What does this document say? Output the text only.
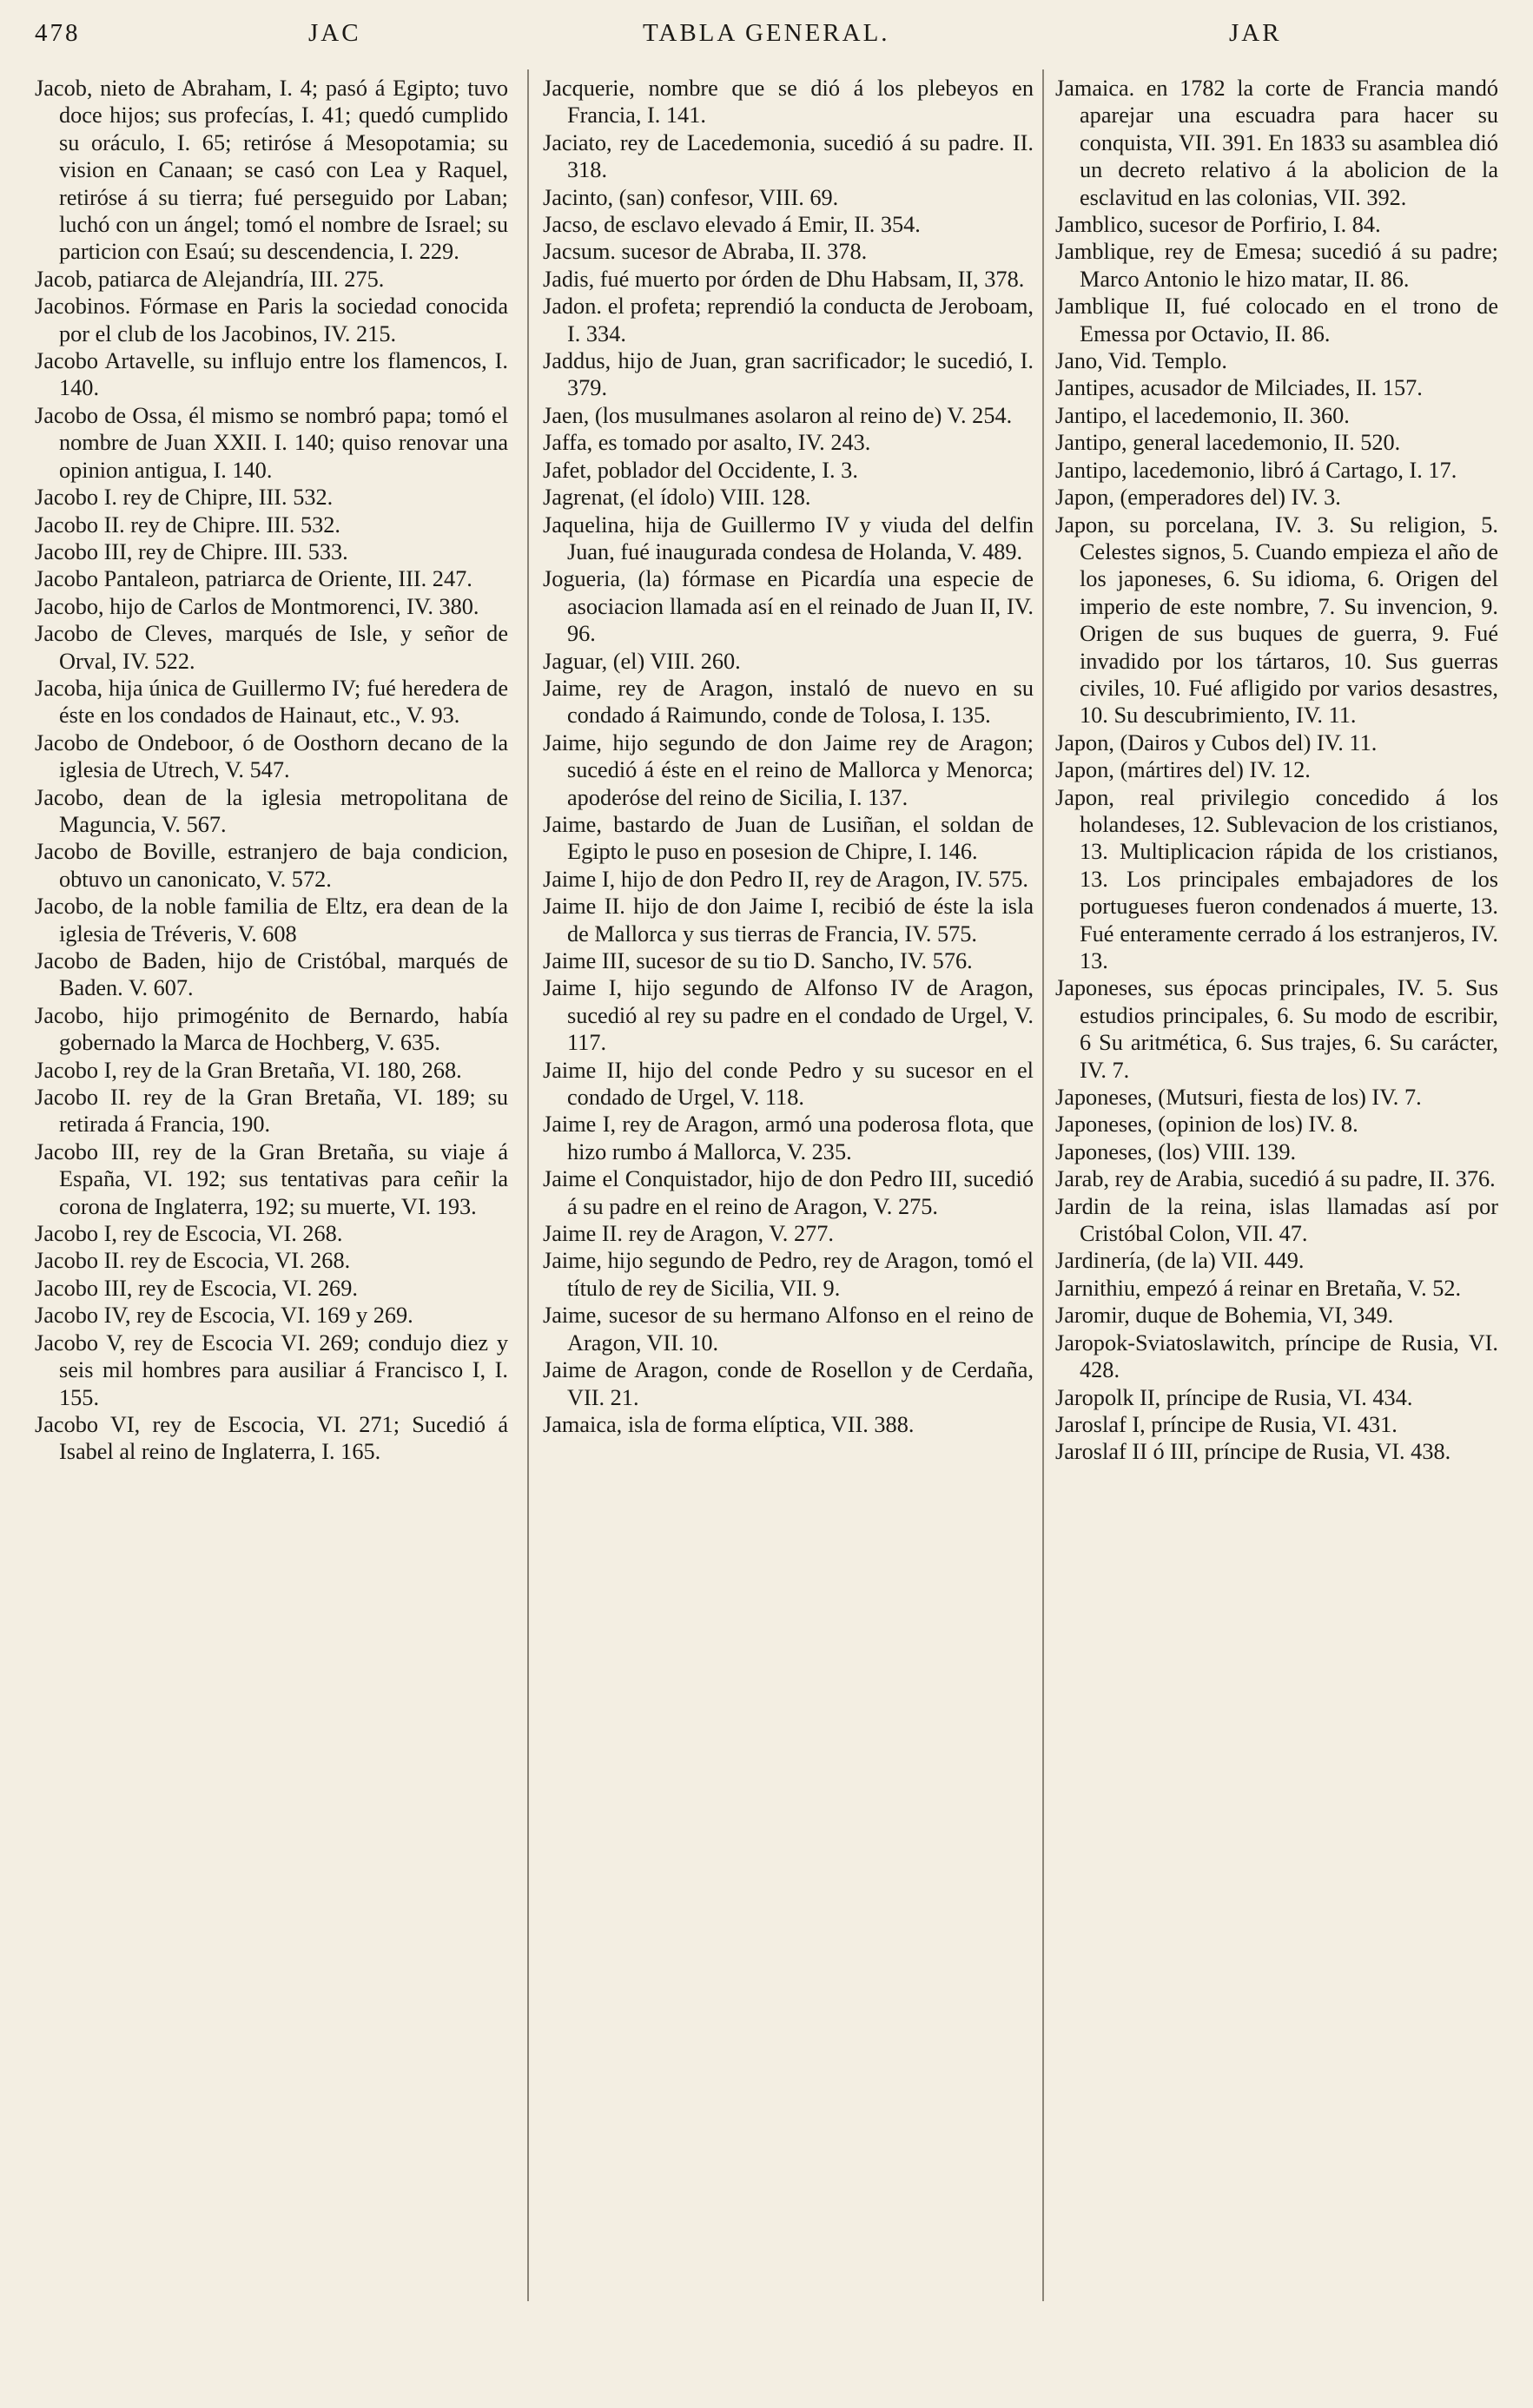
478	JAC	TABLA GENERAL.	JAR

Jacob, nieto de Abraham, I. 4; pasó á Egipto; tuvo doce hijos; sus profecías, I. 41; quedó cumplido su oráculo, I. 65; retiróse á Mesopotamia; su vision en Canaan; se casó con Lea y Raquel, retiróse á su tierra; fué perseguido por Laban; luchó con un ángel; tomó el nombre de Israel; su particion con Esaú; su descendencia, I. 229.

Jacob, patiarca de Alejandría, III. 275.

Jacobinos. Fórmase en Paris la sociedad conocida por el club de los Jacobinos, IV. 215.

Jacobo Artavelle, su influjo entre los flamencos, I. 140.

Jacobo de Ossa, él mismo se nombró papa; tomó el nombre de Juan XXII. I. 140; quiso renovar una opinion antigua, I. 140.

Jacobo I. rey de Chipre, III. 532.

Jacobo II. rey de Chipre. III. 532.

Jacobo III, rey de Chipre. III. 533.

Jacobo Pantaleon, patriarca de Oriente, III. 247.

Jacobo, hijo de Carlos de Montmorenci, IV. 380.

Jacobo de Cleves, marqués de Isle, y señor de Orval, IV. 522.

Jacoba, hija única de Guillermo IV; fué heredera de éste en los condados de Hainaut, etc., V. 93.

Jacobo de Ondeboor, ó de Oosthorn decano de la iglesia de Utrech, V. 547.

Jacobo, dean de la iglesia metropolitana de Maguncia, V. 567.

Jacobo de Boville, estranjero de baja condicion, obtuvo un canonicato, V. 572.

Jacobo, de la noble familia de Eltz, era dean de la iglesia de Tréveris, V. 608

Jacobo de Baden, hijo de Cristóbal, marqués de Baden. V. 607.

Jacobo, hijo primogénito de Bernardo, había gobernado la Marca de Hochberg, V. 635.

Jacobo I, rey de la Gran Bretaña, VI. 180, 268.

Jacobo II. rey de la Gran Bretaña, VI. 189; su retirada á Francia, 190.

Jacobo III, rey de la Gran Bretaña, su viaje á España, VI. 192; sus tentativas para ceñir la corona de Inglaterra, 192; su muerte, VI. 193.

Jacobo I, rey de Escocia, VI. 268.

Jacobo II. rey de Escocia, VI. 268.

Jacobo III, rey de Escocia, VI. 269.

Jacobo IV, rey de Escocia, VI. 169 y 269.

Jacobo V, rey de Escocia VI. 269; condujo diez y seis mil hombres para ausiliar á Francisco I, I. 155.

Jacobo VI, rey de Escocia, VI. 271; Sucedió á Isabel al reino de Inglaterra, I. 165.

Jacquerie, nombre que se dió á los plebeyos en Francia, I. 141.

Jaciato, rey de Lacedemonia, sucedió á su padre. II. 318.

Jacinto, (san) confesor, VIII. 69.

Jacso, de esclavo elevado á Emir, II. 354.

Jacsum. sucesor de Abraba, II. 378.

Jadis, fué muerto por órden de Dhu Habsam, II, 378.

Jadon. el profeta; reprendió la conducta de Jeroboam, I. 334.

Jaddus, hijo de Juan, gran sacrificador; le sucedió, I. 379.

Jaen, (los musulmanes asolaron al reino de) V. 254.

Jaffa, es tomado por asalto, IV. 243.

Jafet, poblador del Occidente, I. 3.

Jagrenat, (el ídolo) VIII. 128.

Jaquelina, hija de Guillermo IV y viuda del delfin Juan, fué inaugurada condesa de Holanda, V. 489.

Jogueria, (la) fórmase en Picardía una especie de asociacion llamada así en el reinado de Juan II, IV. 96.

Jaguar, (el) VIII. 260.

Jaime, rey de Aragon, instaló de nuevo en su condado á Raimundo, conde de Tolosa, I. 135.

Jaime, hijo segundo de don Jaime rey de Aragon; sucedió á éste en el reino de Mallorca y Menorca; apoderóse del reino de Sicilia, I. 137.

Jaime, bastardo de Juan de Lusiñan, el soldan de Egipto le puso en posesion de Chipre, I. 146.

Jaime I, hijo de don Pedro II, rey de Aragon, IV. 575.

Jaime II. hijo de don Jaime I, recibió de éste la isla de Mallorca y sus tierras de Francia, IV. 575.

Jaime III, sucesor de su tio D. Sancho, IV. 576.

Jaime I, hijo segundo de Alfonso IV de Aragon, sucedió al rey su padre en el condado de Urgel, V. 117.

Jaime II, hijo del conde Pedro y su sucesor en el condado de Urgel, V. 118.

Jaime I, rey de Aragon, armó una poderosa flota, que hizo rumbo á Mallorca, V. 235.

Jaime el Conquistador, hijo de don Pedro III, sucedió á su padre en el reino de Aragon, V. 275.

Jaime II. rey de Aragon, V. 277.

Jaime, hijo segundo de Pedro, rey de Aragon, tomó el título de rey de Sicilia, VII. 9.

Jaime, sucesor de su hermano Alfonso en el reino de Aragon, VII. 10.

Jaime de Aragon, conde de Rosellon y de Cerdaña, VII. 21.

Jamaica, isla de forma elíptica, VII. 388.

Jamaica. en 1782 la corte de Francia mandó aparejar una escuadra para hacer su conquista, VII. 391. En 1833 su asamblea dió un decreto relativo á la abolicion de la esclavitud en las colonias, VII. 392.

Jamblico, sucesor de Porfirio, I. 84.

Jamblique, rey de Emesa; sucedió á su padre; Marco Antonio le hizo matar, II. 86.

Jamblique II, fué colocado en el trono de Emessa por Octavio, II. 86.

Jano, Vid. Templo.

Jantipes, acusador de Milciades, II. 157.

Jantipo, el lacedemonio, II. 360.

Jantipo, general lacedemonio, II. 520.

Jantipo, lacedemonio, libró á Cartago, I. 17.

Japon, (emperadores del) IV. 3.

Japon, su porcelana, IV. 3. Su religion, 5. Celestes signos, 5. Cuando empieza el año de los japoneses, 6. Su idioma, 6. Origen del imperio de este nombre, 7. Su invencion, 9. Origen de sus buques de guerra, 9. Fué invadido por los tártaros, 10. Sus guerras civiles, 10. Fué afligido por varios desastres, 10. Su descubrimiento, IV. 11.

Japon, (Dairos y Cubos del) IV. 11.

Japon, (mártires del) IV. 12.

Japon, real privilegio concedido á los holandeses, 12. Sublevacion de los cristianos, 13. Multiplicacion rápida de los cristianos, 13. Los principales embajadores de los portugueses fueron condenados á muerte, 13. Fué enteramente cerrado á los estranjeros, IV. 13.

Japoneses, sus épocas principales, IV. 5. Sus estudios principales, 6. Su modo de escribir, 6 Su aritmética, 6. Sus trajes, 6. Su carácter, IV. 7.

Japoneses, (Mutsuri, fiesta de los) IV. 7.

Japoneses, (opinion de los) IV. 8.

Japoneses, (los) VIII. 139.

Jarab, rey de Arabia, sucedió á su padre, II. 376.

Jardin de la reina, islas llamadas así por Cristóbal Colon, VII. 47.

Jardinería, (de la) VII. 449.

Jarnithiu, empezó á reinar en Bretaña, V. 52.

Jaromir, duque de Bohemia, VI, 349.

Jaropok-Sviatoslawitch, príncipe de Rusia, VI. 428.

Jaropolk II, príncipe de Rusia, VI. 434.

Jaroslaf I, príncipe de Rusia, VI. 431.

Jaroslaf II ó III, príncipe de Rusia, VI. 438.
